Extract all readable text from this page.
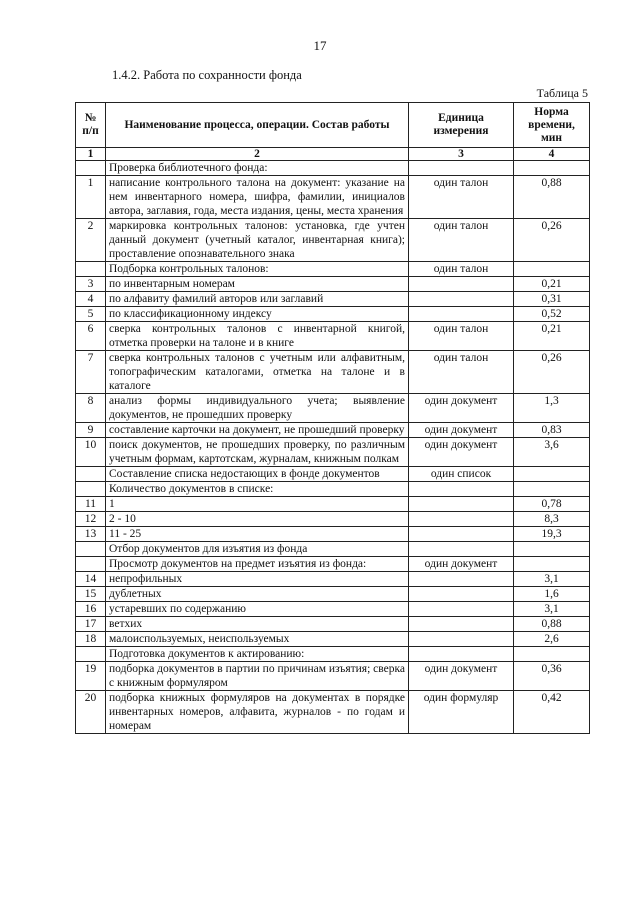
17
1.4.2. Работа по сохранности фонда
Таблица 5
№ п/п	Наименование процесса, операции. Состав работы	Единица измерения	Норма времени, мин
1	2	3	4
	Проверка библиотечного фонда:		
1	написание контрольного талона на документ: указание на нем инвентарного номера, шифра, фамилии, инициалов автора, заглавия, года, места издания, цены, места хранения	один талон	0,88
2	маркировка контрольных талонов: установка, где учтен данный документ (учетный каталог, инвентарная книга); проставление опознавательного знака	один талон	0,26
	Подборка контрольных талонов:	один талон	
3	по инвентарным номерам		0,21
4	по алфавиту фамилий авторов или заглавий		0,31
5	по классификационному индексу		0,52
6	сверка контрольных талонов с инвентарной книгой, отметка проверки на талоне и в книге	один талон	0,21
7	сверка контрольных талонов с учетным или алфавитным, топографическим каталогами, отметка на талоне и в каталоге	один талон	0,26
8	анализ формы индивидуального учета; выявление документов, не прошедших проверку	один документ	1,3
9	составление карточки на документ, не прошедший проверку	один документ	0,83
10	поиск документов, не прошедших проверку, по различным учетным формам, картотскам, журналам, книжным полкам	один документ	3,6
	Составление списка недостающих в фонде документов	один список	
	Количество документов в списке:		
11	1		0,78
12	2 - 10		8,3
13	11 - 25		19,3
	Отбор документов для изъятия из фонда		
	Просмотр документов на предмет изъятия из фонда:	один документ	
14	непрофильных		3,1
15	дублетных		1,6
16	устаревших по содержанию		3,1
17	ветхих		0,88
18	малоиспользуемых, неиспользуемых		2,6
	Подготовка документов к актированию:		
19	подборка документов в партии по причинам изъятия; сверка с книжным формуляром	один документ	0,36
20	подборка книжных формуляров на документах в порядке инвентарных номеров, алфавита, журналов - по годам и номерам	один формуляр	0,42
